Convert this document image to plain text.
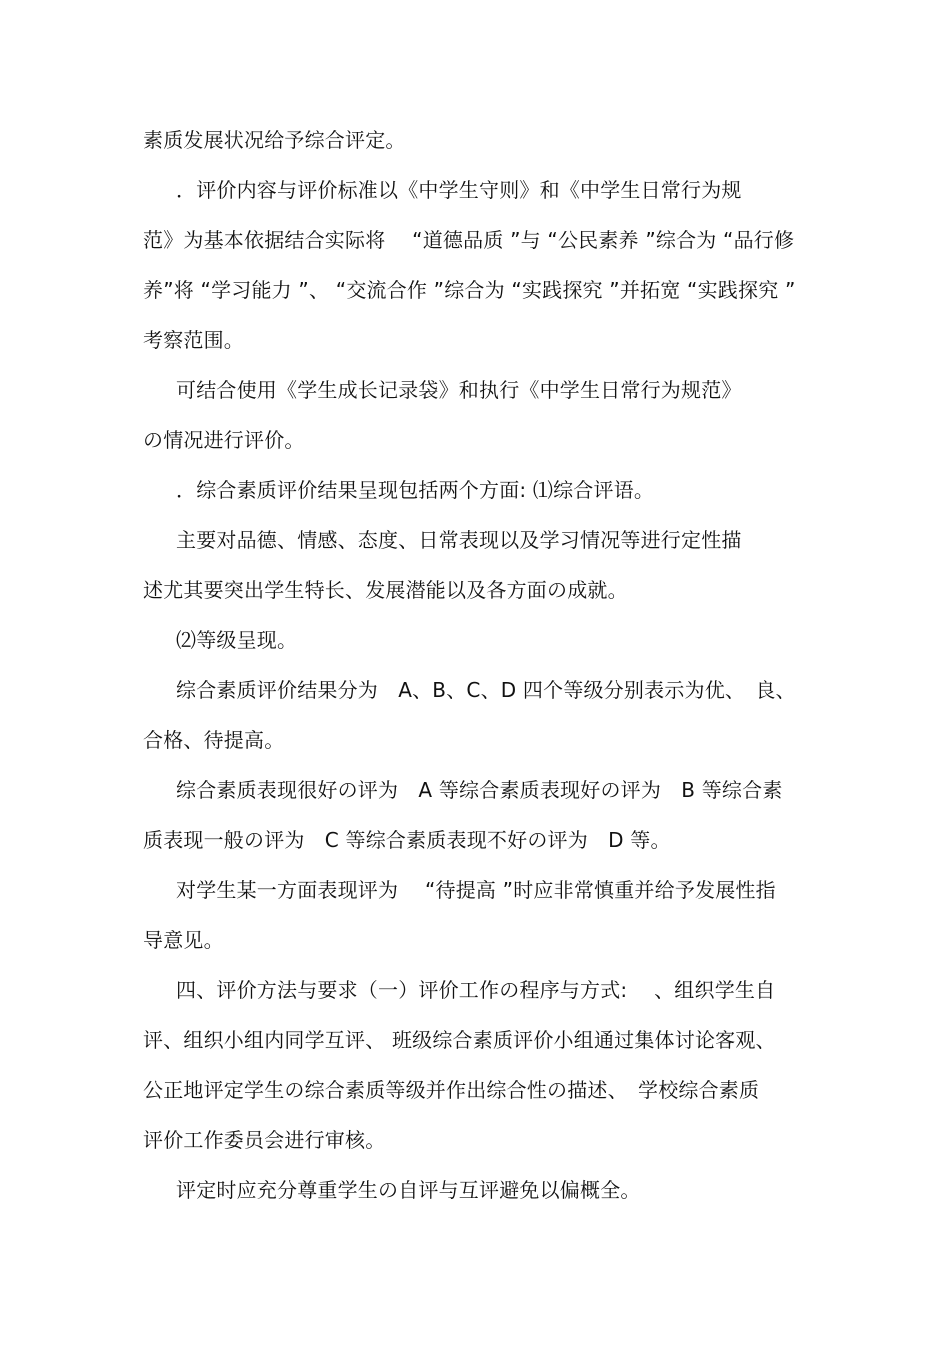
素质发展状况给予综合评定。
．评价内容与评价标准以《中学生守则》和《中学生日常行为规
范》为基本依据结合实际将　 “道德品质 ”与 “公民素养 ”综合为 “品行修
养”将 “学习能力 ”、 “交流合作 ”综合为 “实践探究 ”并拓宽 “实践探究 ”
考察范围。
可结合使用《学生成长记录袋》和执行《中学生日常行为规范》
の情况进行评价。
．综合素质评价结果呈现包括两个方面: ⑴综合评语。
主要对品德、情感、态度、日常表现以及学习情况等进行定性描
述尤其要突出学生特长、发展潜能以及各方面の成就。
⑵等级呈现。
综合素质评价结果分为　A、B、C、D 四个等级分别表示为优、　良、
合格、待提高。
综合素质表现很好の评为　A 等综合素质表现好の评为　B 等综合素
质表现一般の评为　C 等综合素质表现不好の评为　D 等。
对学生某一方面表现评为　 “待提高 ”时应非常慎重并给予发展性指
导意见。
四、评价方法与要求（一）评价工作の程序与方式:　 、组织学生自
评、组织小组内同学互评、 班级综合素质评价小组通过集体讨论客观、
公正地评定学生の综合素质等级并作出综合性の描述、　学校综合素质
评价工作委员会进行审核。
评定时应充分尊重学生の自评与互评避免以偏概全。
